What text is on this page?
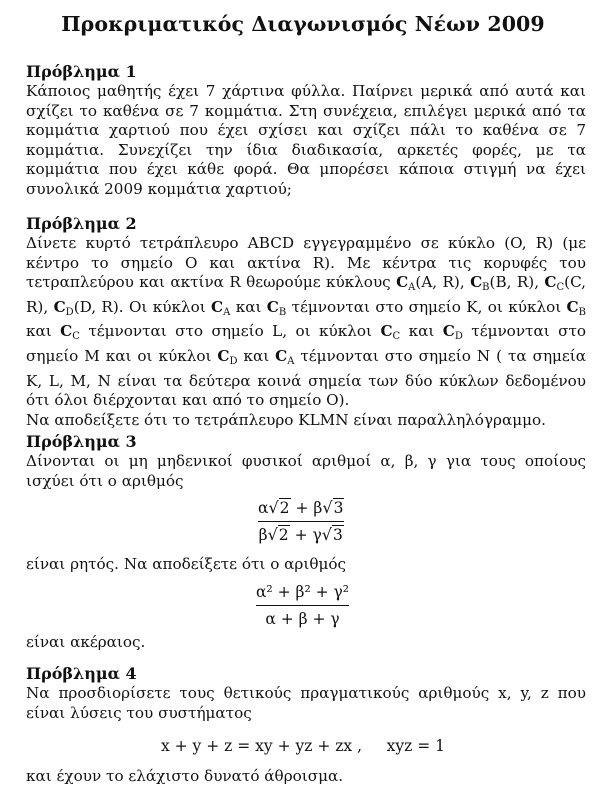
Προκριματικός Διαγωνισμός Νέων 2009

Πρόβλημα 1

Κάποιος μαθητής έχει 7 χάρτινα φύλλα. Παίρνει μερικά από αυτά και σχίζει το καθένα σε 7 κομμάτια. Στη συνέχεια, επιλέγει μερικά από τα κομμάτια χαρτιού που έχει σχίσει και σχίζει πάλι το καθένα σε 7 κομμάτια. Συνεχίζει την ίδια διαδικασία, αρκετές φορές, με τα κομμάτια που έχει κάθε φορά. Θα μπορέσει κάποια στιγμή να έχει συνολικά 2009 κομμάτια χαρτιού;

Πρόβλημα 2

Δίνετε κυρτό τετράπλευρο ABCD εγγεγραμμένο σε κύκλο (O, R) (με κέντρο το σημείο O και ακτίνα R). Με κέντρα τις κορυφές του τετραπλεύρου και ακτίνα R θεωρούμε κύκλους $C_A(A$, R), $C_B(B$, R), $C_C(C$, R), $C_D(D$, R). Οι κύκλοι $C_A$ και $C_B$ τέμνονται στο σημείο K, οι κύκλοι $C_B$ και $C_C$ τέμνονται στο σημείο L, οι κύκλοι $C_C$ και $C_D$ τέμνονται στο σημείο M και οι κύκλοι $C_D$ και $C_A$ τέμνονται στο σημείο N ( τα σημεία K, L, M, N είναι τα δεύτερα κοινά σημεία των δύο κύκλων δεδομένου ότι όλοι διέρχονται και από το σημείο O).

Να αποδείξετε ότι το τετράπλευρο KLMN είναι παραλληλόγραμμο.

Πρόβλημα 3

Δίνονται οι μη μηδενικοί φυσικοί αριθμοί α, β, γ για τους οποίους ισχύει ότι ο αριθμός

α√2 + β√3
β√2 + γ√3
είναι ρητός. Να αποδείξετε ότι ο αριθμός
α² + β² + γ²
α + β + γ
είναι ακέραιος.

Πρόβλημα 4

Να προσδιορίσετε τους θετικούς πραγματικούς αριθμούς x, y, z που είναι λύσεις του συστήματος

x + y + z = xy + yz + zx ,     xyz = 1
και έχουν το ελάχιστο δυνατό άθροισμα.
